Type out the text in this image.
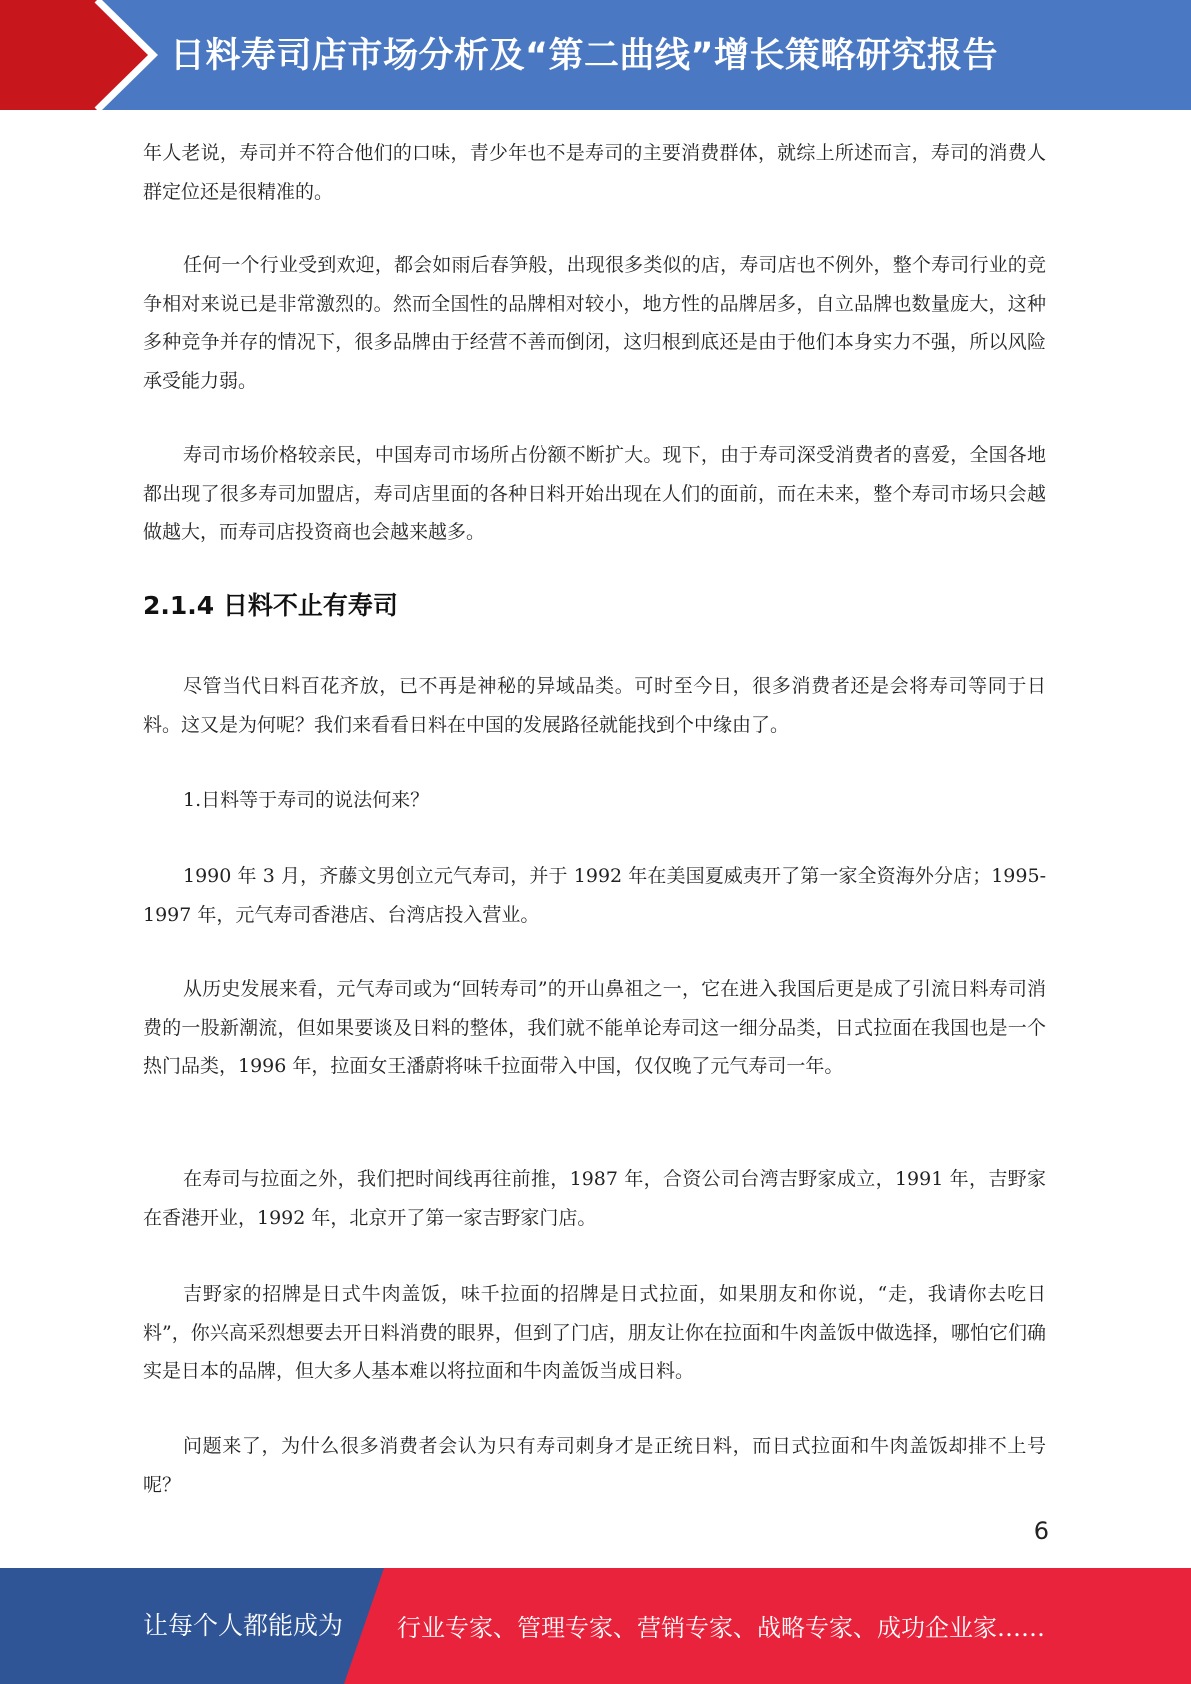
日料寿司店市场分析及“第二曲线”增长策略研究报告

年人老说，寿司并不符合他们的口味，青少年也不是寿司的主要消费群体，就综上所述而言，寿司的消费人群定位还是很精准的。

任何一个行业受到欢迎，都会如雨后春笋般，出现很多类似的店，寿司店也不例外，整个寿司行业的竞争相对来说已是非常激烈的。然而全国性的品牌相对较小，地方性的品牌居多，自立品牌也数量庞大，这种多种竞争并存的情况下，很多品牌由于经营不善而倒闭，这归根到底还是由于他们本身实力不强，所以风险承受能力弱。

寿司市场价格较亲民，中国寿司市场所占份额不断扩大。现下，由于寿司深受消费者的喜爱，全国各地都出现了很多寿司加盟店，寿司店里面的各种日料开始出现在人们的面前，而在未来，整个寿司市场只会越做越大，而寿司店投资商也会越来越多。

2.1.4 日料不止有寿司

尽管当代日料百花齐放，已不再是神秘的异域品类。可时至今日，很多消费者还是会将寿司等同于日料。这又是为何呢？我们来看看日料在中国的发展路径就能找到个中缘由了。

1.日料等于寿司的说法何来？

1990 年 3 月，齐藤文男创立元气寿司，并于 1992 年在美国夏威夷开了第一家全资海外分店；1995-1997 年，元气寿司香港店、台湾店投入营业。

从历史发展来看，元气寿司或为“回转寿司”的开山鼻祖之一，它在进入我国后更是成了引流日料寿司消费的一股新潮流，但如果要谈及日料的整体，我们就不能单论寿司这一细分品类，日式拉面在我国也是一个热门品类，1996 年，拉面女王潘蔚将味千拉面带入中国，仅仅晚了元气寿司一年。

在寿司与拉面之外，我们把时间线再往前推，1987 年，合资公司台湾吉野家成立，1991 年，吉野家在香港开业，1992 年，北京开了第一家吉野家门店。

吉野家的招牌是日式牛肉盖饭，味千拉面的招牌是日式拉面，如果朋友和你说，“走，我请你去吃日料”，你兴高采烈想要去开日料消费的眼界，但到了门店，朋友让你在拉面和牛肉盖饭中做选择，哪怕它们确实是日本的品牌，但大多人基本难以将拉面和牛肉盖饭当成日料。

问题来了，为什么很多消费者会认为只有寿司刺身才是正统日料，而日式拉面和牛肉盖饭却排不上号呢？

6
让每个人都能成为 行业专家、管理专家、营销专家、战略专家、成功企业家……
